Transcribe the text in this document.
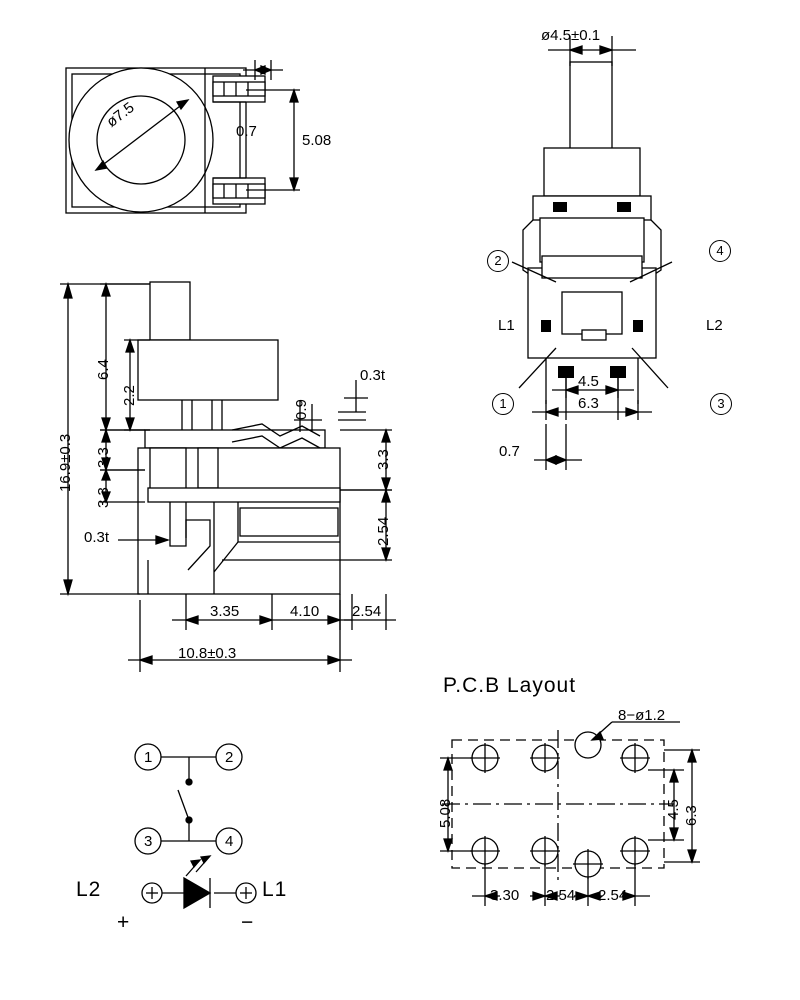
ø7.5
0.7
5.08
ø4.5±0.1
2
4
1	3
L1	L2
4.5
6.3
0.7
16.9±0.3
6.4
2.2
3.3
3.3
0.9
0.3t
3.3
2.54
0.3t
3.35	4.10 2.54
10.8±0.3
1	2
3	4
L2	L1
+	−
P.C.B Layout
8−ø1.2
5.08	4.5 6.3
3.30 2.54 2.54
